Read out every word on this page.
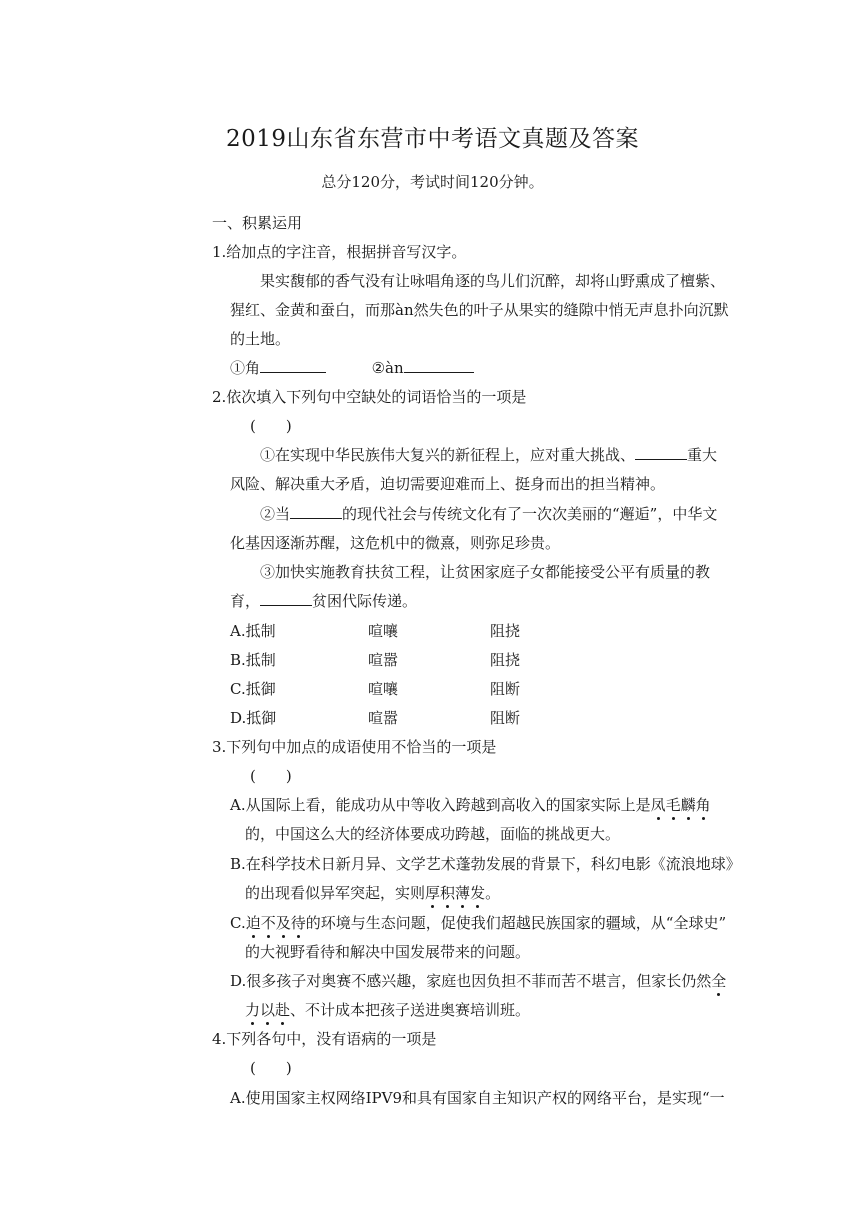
2019山东省东营市中考语文真题及答案
总分120分，考试时间120分钟。
一、积累运用
1.给加点的字注音，根据拼音写汉字。
果实馥郁的香气没有让咏唱角逐的鸟儿们沉醉，却将山野熏成了檀紫、
猩红、金黄和蚕白，而那àn然失色的叶子从果实的缝隙中悄无声息扑向沉默
的土地。
①角	②àn
2.依次填入下列句中空缺处的词语恰当的一项是
(　　)
①在实现中华民族伟大复兴的新征程上，应对重大挑战、	重大
风险、解决重大矛盾，迫切需要迎难而上、挺身而出的担当精神。
②当	的现代社会与传统文化有了一次次美丽的“邂逅”，中华文
化基因逐渐苏醒，这危机中的微熹，则弥足珍贵。
③加快实施教育扶贫工程，让贫困家庭子女都能接受公平有质量的教
育，	贫困代际传递。
A.抵制	喧嚷	阻挠
B.抵制	喧嚣	阻挠
C.抵御	喧嚷	阻断
D.抵御	喧嚣	阻断
3.下列句中加点的成语使用不恰当的一项是
(　　)
A.从国际上看，能成功从中等收入跨越到高收入的国家实际上是凤毛麟角
的，中国这么大的经济体要成功跨越，面临的挑战更大。
B.在科学技术日新月异、文学艺术蓬勃发展的背景下，科幻电影《流浪地球》
的出现看似异军突起，实则厚积薄发。
C.迫不及待的环境与生态问题，促使我们超越民族国家的疆域，从“全球史”
的大视野看待和解决中国发展带来的问题。
D.很多孩子对奥赛不感兴趣，家庭也因负担不菲而苦不堪言，但家长仍然全
力以赴、不计成本把孩子送进奥赛培训班。
4.下列各句中，没有语病的一项是
(　　)
A.使用国家主权网络IPV9和具有国家自主知识产权的网络平台，是实现“一
